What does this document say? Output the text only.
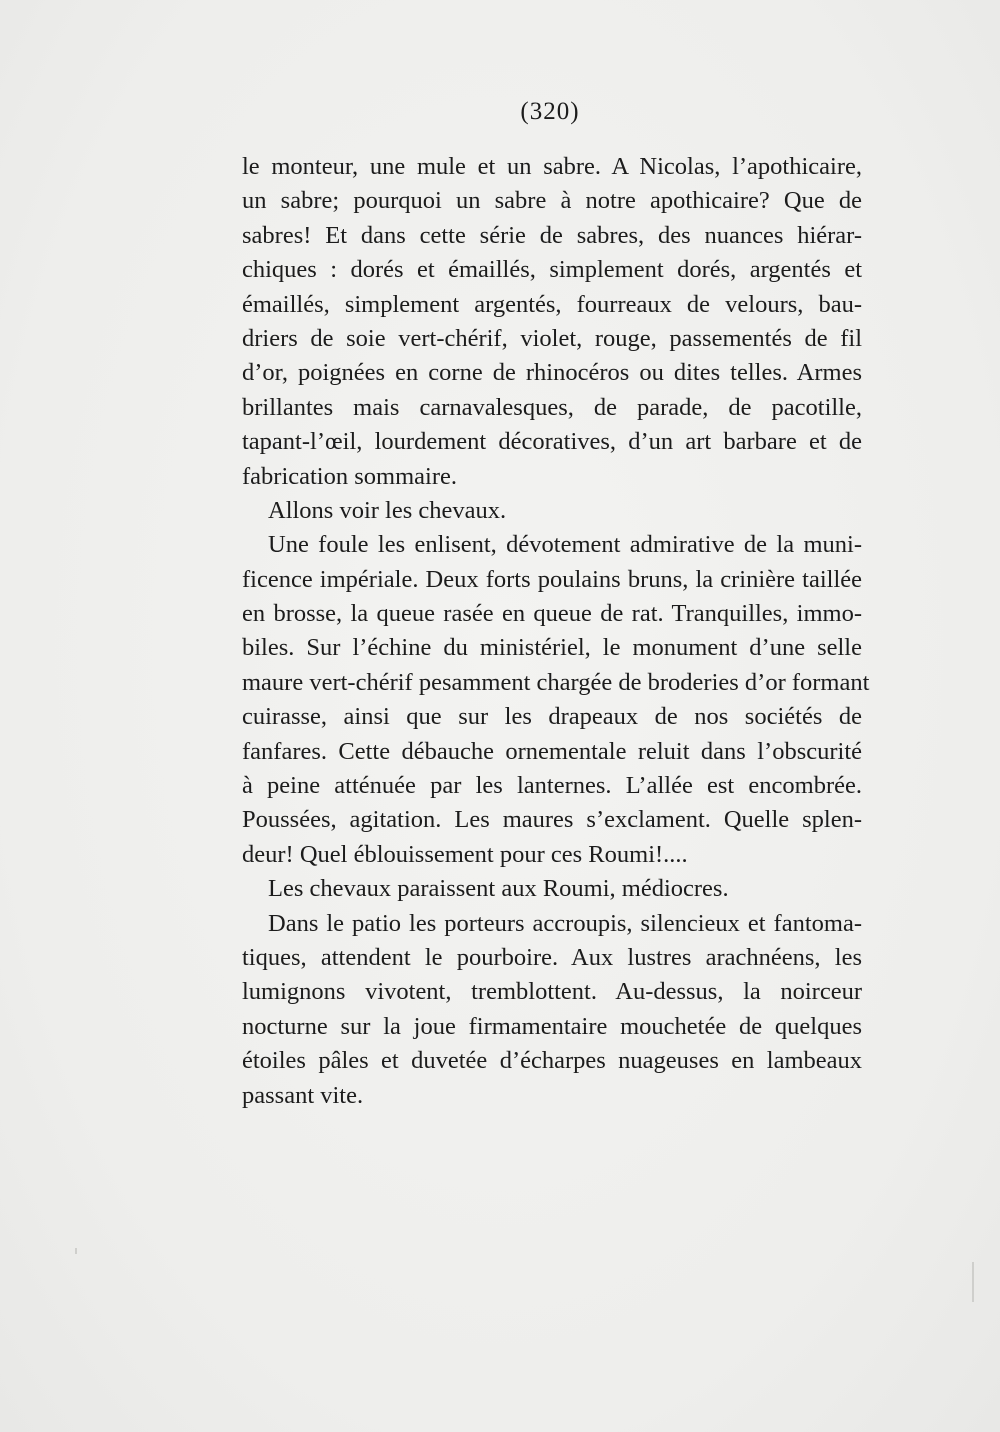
(320)
le monteur, une mule et un sabre. A Nicolas, l’apothicaire,
un sabre; pourquoi un sabre à notre apothicaire? Que de
sabres! Et dans cette série de sabres, des nuances hiérar-
chiques : dorés et émaillés, simplement dorés, argentés et
émaillés, simplement argentés, fourreaux de velours, bau-
driers de soie vert-chérif, violet, rouge, passementés de fil
d’or, poignées en corne de rhinocéros ou dites telles. Armes
brillantes mais carnavalesques, de parade, de pacotille,
tapant-l’œil, lourdement décoratives, d’un art barbare et de
fabrication sommaire.
Allons voir les chevaux.
Une foule les enlisent, dévotement admirative de la muni-
ficence impériale. Deux forts poulains bruns, la crinière taillée
en brosse, la queue rasée en queue de rat. Tranquilles, immo-
biles. Sur l’échine du ministériel, le monument d’une selle
maure vert-chérif pesamment chargée de broderies d’or formant
cuirasse, ainsi que sur les drapeaux de nos sociétés de
fanfares. Cette débauche ornementale reluit dans l’obscurité
à peine atténuée par les lanternes. L’allée est encombrée.
Poussées, agitation. Les maures s’exclament. Quelle splen-
deur! Quel éblouissement pour ces Roumi!....
Les chevaux paraissent aux Roumi, médiocres.
Dans le patio les porteurs accroupis, silencieux et fantoma-
tiques, attendent le pourboire. Aux lustres arachnéens, les
lumignons vivotent, tremblottent. Au-dessus, la noirceur
nocturne sur la joue firmamentaire mouchetée de quelques
étoiles pâles et duvetée d’écharpes nuageuses en lambeaux
passant vite.
